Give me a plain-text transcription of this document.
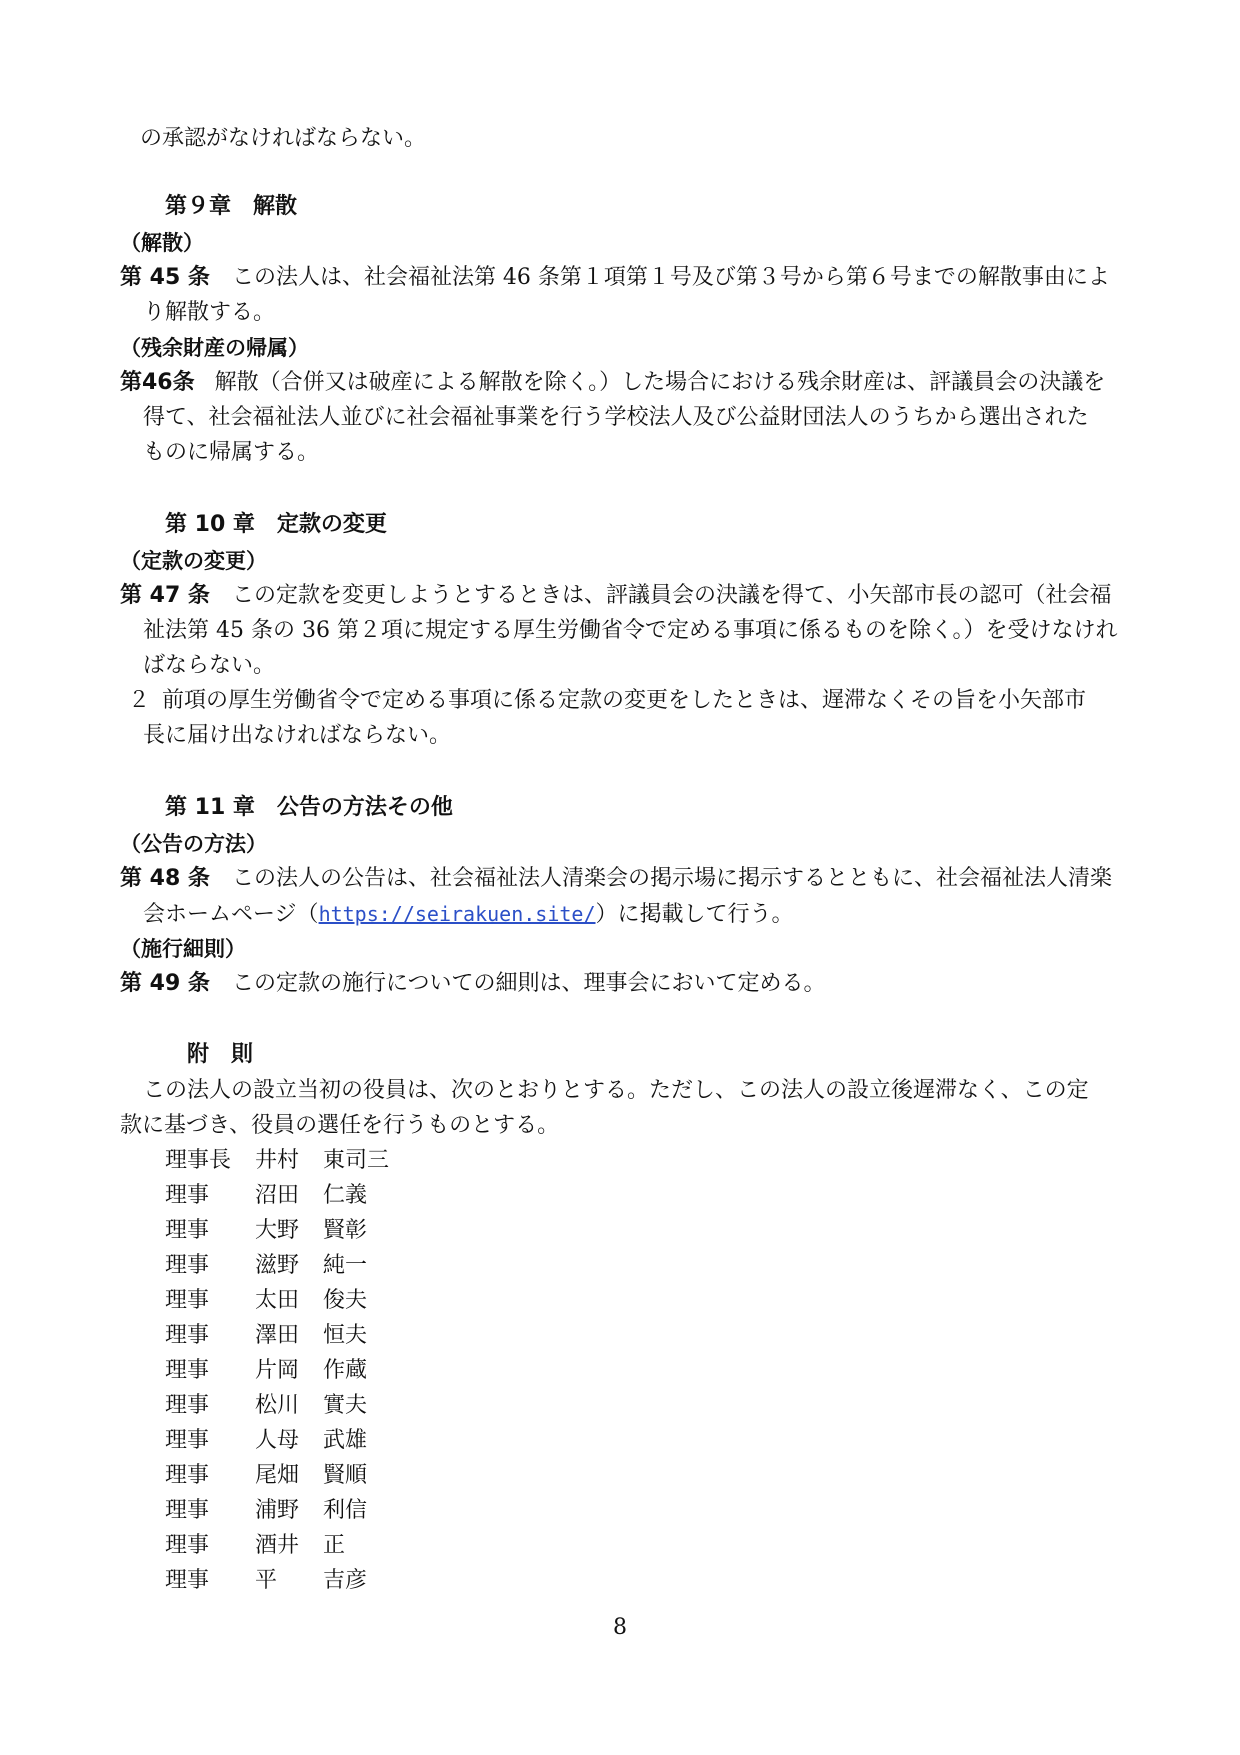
の承認がなければならない。
第９章　解散
（解散）
第 45 条 この法人は、社会福祉法第 46 条第１項第１号及び第３号から第６号までの解散事由によ
り解散する。
（残余財産の帰属）
第46条 解散（合併又は破産による解散を除く。）した場合における残余財産は、評議員会の決議を
得て、社会福祉法人並びに社会福祉事業を行う学校法人及び公益財団法人のうちから選出された
ものに帰属する。
第 10 章　定款の変更
（定款の変更）
第 47 条 この定款を変更しようとするときは、評議員会の決議を得て、小矢部市長の認可（社会福
祉法第 45 条の 36 第２項に規定する厚生労働省令で定める事項に係るものを除く。）を受けなけれ
ばならない。
２ 前項の厚生労働省令で定める事項に係る定款の変更をしたときは、遅滞なくその旨を小矢部市
長に届け出なければならない。
第 11 章　公告の方法その他
（公告の方法）
第 48 条 この法人の公告は、社会福祉法人清楽会の掲示場に掲示するとともに、社会福祉法人清楽
会ホームページ（https://seirakuen.site/）に掲載して行う。
（施行細則）
第 49 条 この定款の施行についての細則は、理事会において定める。
附　則
この法人の設立当初の役員は、次のとおりとする。ただし、この法人の設立後遅滞なく、この定
款に基づき、役員の選任を行うものとする。
理事長 井村 東司三
理事 沼田 仁義
理事 大野 賢彰
理事 滋野 純一
理事 太田 俊夫
理事 澤田 恒夫
理事 片岡 作蔵
理事 松川 實夫
理事 人母 武雄
理事 尾畑 賢順
理事 浦野 利信
理事 酒井 正
理事 平 吉彦
8
